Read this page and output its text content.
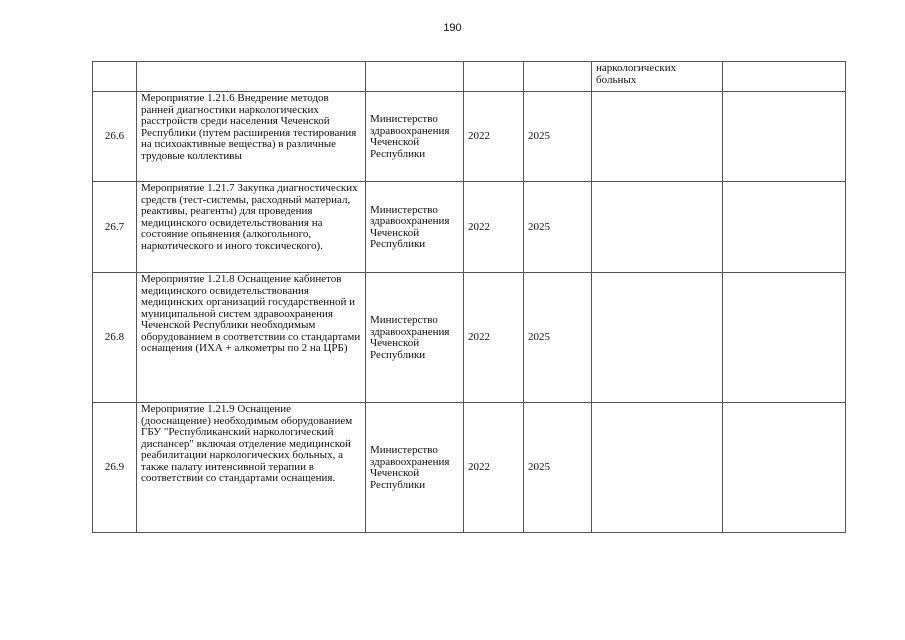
190
					наркологических больных	
26.6	Мероприятие 1.21.6 Внедрение методов ранней диагностики наркологических расстройств среди населения Чеченской Республики (путем расширения тестирования на психоактивные вещества) в различные трудовые коллективы	Министерство здравоохранения Чеченской Республики	2022	2025		
26.7	Мероприятие 1.21.7 Закупка диагностических средств (тест-системы, расходный материал, реактивы, реагенты) для проведения медицинского освидетельствования на состояние опьянения (алкогольного, наркотического и иного токсического).	Министерство здравоохранения Чеченской Республики	2022	2025		
26.8	Мероприятие 1.21.8 Оснащение кабинетов медицинского освидетельствования медицинских организаций государственной и муниципальной систем здравоохранения Чеченской Республики необходимым оборудованием в соответствии со стандартами оснащения (ИХА + алкометры по 2 на ЦРБ)	Министерство здравоохранения Чеченской Республики	2022	2025		
26.9	Мероприятие 1.21.9 Оснащение (дооснащение) необходимым оборудованием ГБУ "Республиканский наркологический диспансер" включая отделение медицинской реабилитации наркологических больных, а также палату интенсивной терапии в соответствии со стандартами оснащения.	Министерство здравоохранения Чеченской Республики	2022	2025		
